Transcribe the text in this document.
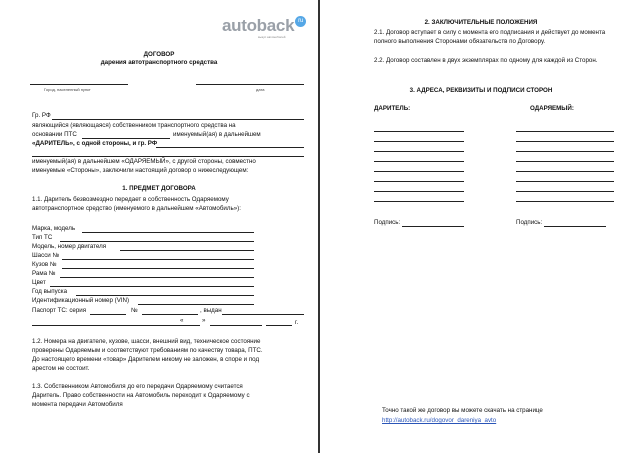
autoback ru
выкуп автомобилей
ДОГОВОР
дарения автотранспортного средства
Город, населенный пункт	дата
Гр. РФ
являющийся (являющаяся) собственником транспортного средства на
основании ПТС	именуемый(ая) в дальнейшем
«ДАРИТЕЛЬ», с одной стороны, и гр. РФ
именуемый(ая) в дальнейшем «ОДАРЯЕМЫЙ», с другой стороны, совместно
именуемые «Стороны», заключили настоящий договор о нижеследующем:
1. ПРЕДМЕТ ДОГОВОРА
1.1. Даритель безвозмездно передает в собственность Одаряемому
автотранспортное средство (именуемого в дальнейшем «Автомобиль»):
Марка, модель
Тип ТС
Модель, номер двигателя
Шасси №
Кузов №
Рама №
Цвет
Год выпуска
Идентификационный номер (VIN)
Паспорт ТС: серия	№	, выдан
«	»	г.
1.2. Номера на двигателе, кузове, шасси, внешний вид, техническое состояние
проверены Одаряемым и соответствуют требованиям по качеству товара, ПТС.
До настоящего времени «товар» Дарителем никому не заложен, в споре и под
арестом не состоит.
1.3. Собственником Автомобиля до его передачи Одаряемому считается
Даритель. Право собственности на Автомобиль переходит к Одаряемому с
момента передачи Автомобиля
2. ЗАКЛЮЧИТЕЛЬНЫЕ ПОЛОЖЕНИЯ
2.1. Договор вступает в силу с момента его подписания и действует до момента
полного выполнения Сторонами обязательств по Договору.
2.2. Договор составлен в двух экземплярах по одному для каждой из Сторон.
3. АДРЕСА, РЕКВИЗИТЫ И ПОДПИСИ СТОРОН
ДАРИТЕЛЬ:	ОДАРЯЕМЫЙ:
Подпись:	Подпись:
Точно такой же договор вы можете скачать на странице
http://autoback.ru/dogovor_dareniya_avto
